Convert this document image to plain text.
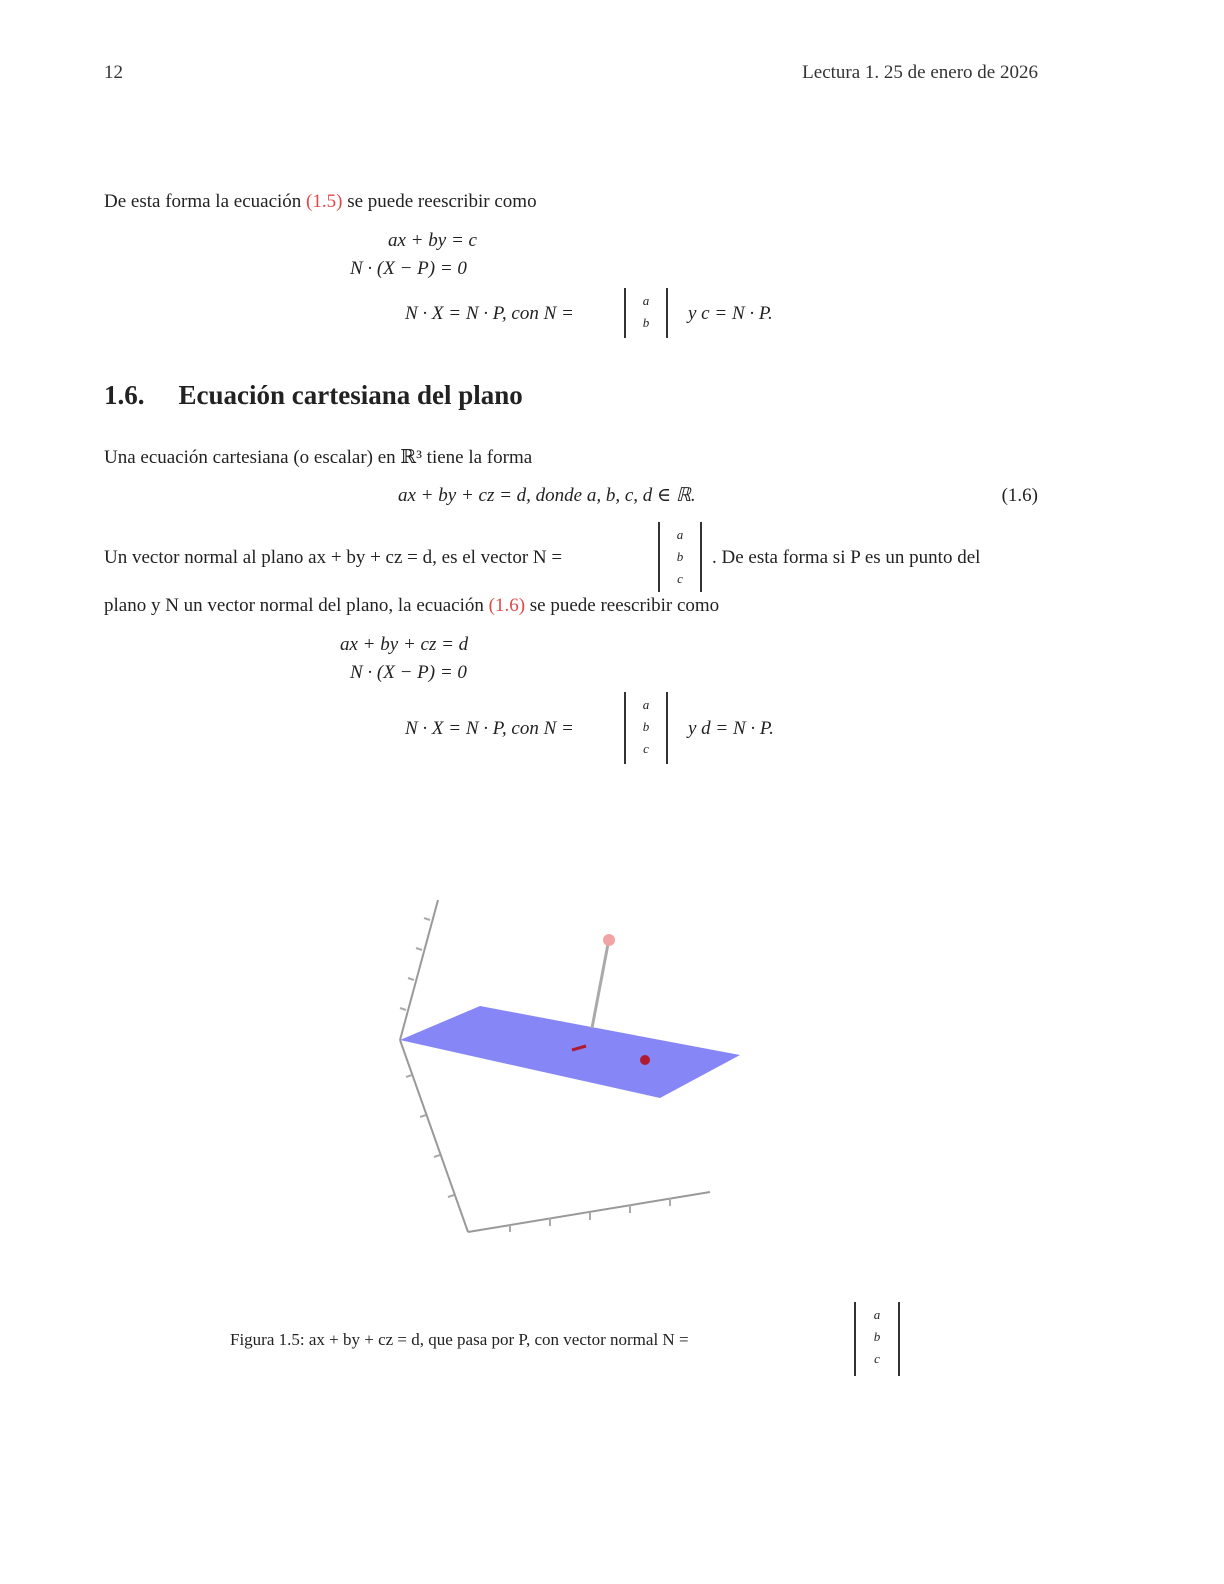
12	Lectura 1. 25 de enero de 2026
De esta forma la ecuación (1.5) se puede reescribir como
ax + by = c
N · (X − P) = 0
N · X = N · P, con N =
a
b	y c = N · P.
1.6. Ecuación cartesiana del plano
Una ecuación cartesiana (o escalar) en ℝ³ tiene la forma
ax + by + cz = d, donde a, b, c, d ∈ ℝ.	(1.6)
Un vector normal al plano ax + by + cz = d, es el vector N =
a
b
c
. De esta forma si P es un punto del
plano y N un vector normal del plano, la ecuación (1.6) se puede reescribir como
ax + by + cz = d
N · (X − P) = 0
N · X = N · P, con N =
a
b
c
y d = N · P.
Figura 1.5: ax + by + cz = d, que pasa por P, con vector normal N =
a
b
c
